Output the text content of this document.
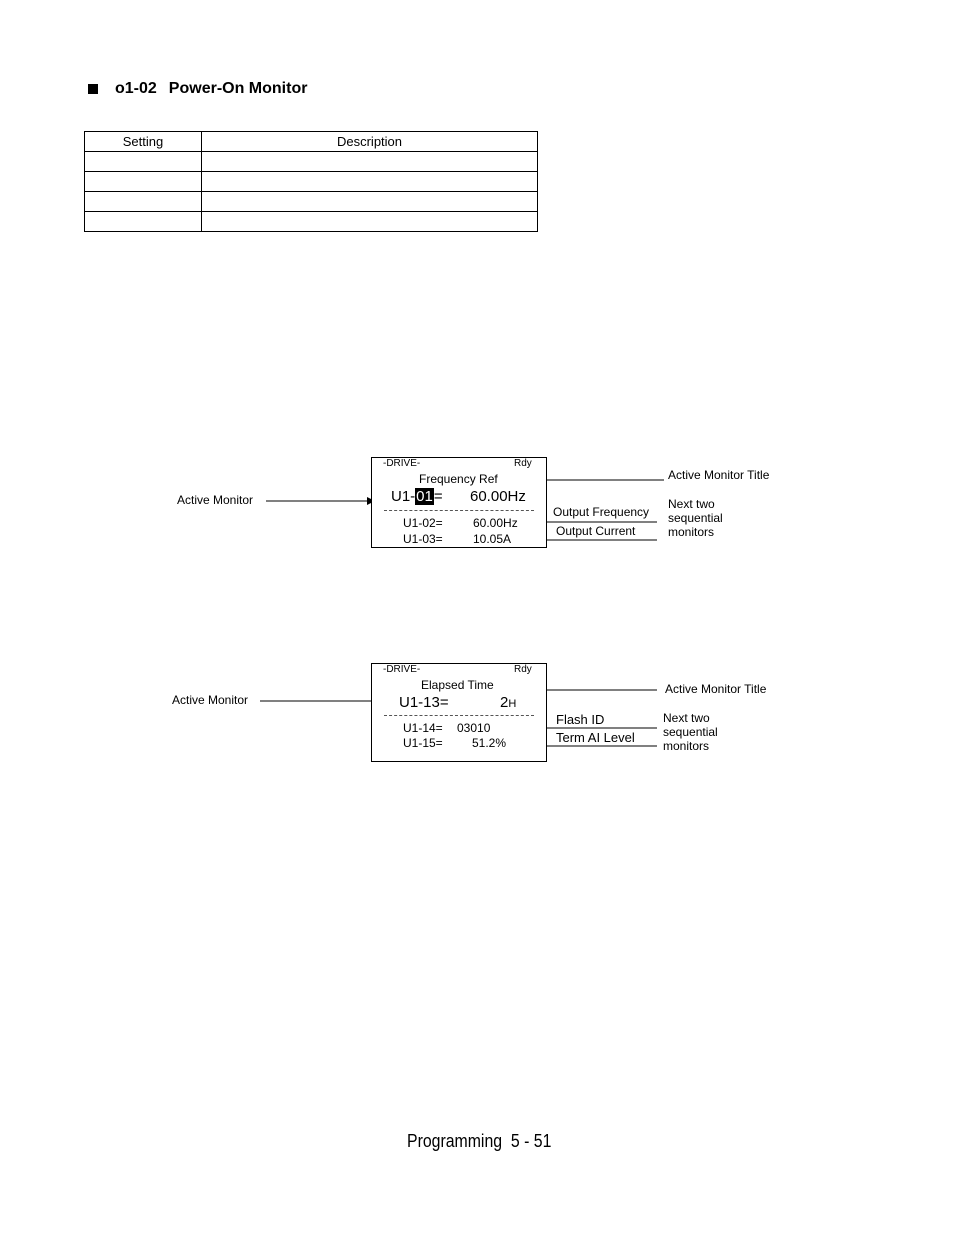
o1-02 Power-On Monitor
Setting	Description

-DRIVE-	Rdy
Frequency Ref
U1-01= 60.00Hz
U1-02=	60.00Hz
U1-03=	10.05A
Active Monitor
Active Monitor Title
Output Frequency
Output Current
Next two
sequential
monitors
-DRIVE-	Rdy
Elapsed Time
U1-13=	2H
U1-14= 03010
U1-15= 51.2%
Active Monitor
Active Monitor Title
Flash ID
Term AI Level
Next two
sequential
monitors
Programming 5 - 51
